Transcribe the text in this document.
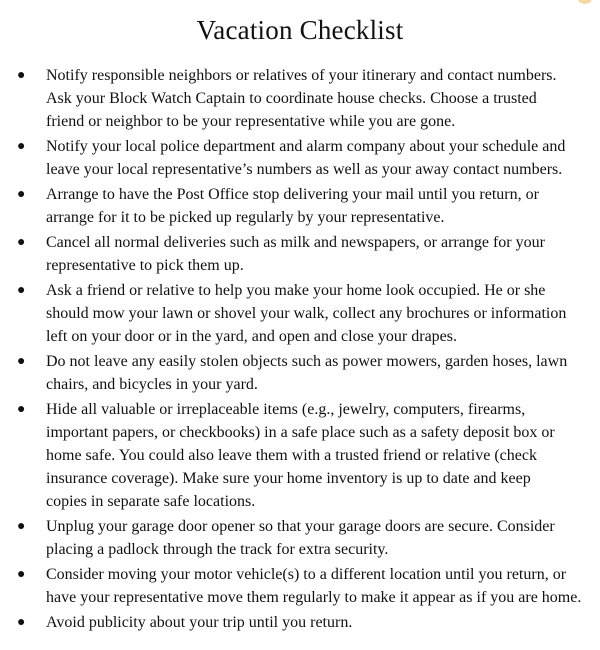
Vacation Checklist
●	Notify responsible neighbors or relatives of your itinerary and contact numbers.
Ask your Block Watch Captain to coordinate house checks. Choose a trusted
friend or neighbor to be your representative while you are gone.
●	Notify your local police department and alarm company about your schedule and
leave your local representative’s numbers as well as your away contact numbers.
●	Arrange to have the Post Office stop delivering your mail until you return, or
arrange for it to be picked up regularly by your representative.
●	Cancel all normal deliveries such as milk and newspapers, or arrange for your
representative to pick them up.
●	Ask a friend or relative to help you make your home look occupied. He or she
should mow your lawn or shovel your walk, collect any brochures or information
left on your door or in the yard, and open and close your drapes.
●	Do not leave any easily stolen objects such as power mowers, garden hoses, lawn
chairs, and bicycles in your yard.
●	Hide all valuable or irreplaceable items (e.g., jewelry, computers, firearms,
important papers, or checkbooks) in a safe place such as a safety deposit box or
home safe. You could also leave them with a trusted friend or relative (check
insurance coverage). Make sure your home inventory is up to date and keep
copies in separate safe locations.
●	Unplug your garage door opener so that your garage doors are secure. Consider
placing a padlock through the track for extra security.
●	Consider moving your motor vehicle(s) to a different location until you return, or
have your representative move them regularly to make it appear as if you are home.
●	Avoid publicity about your trip until you return.
